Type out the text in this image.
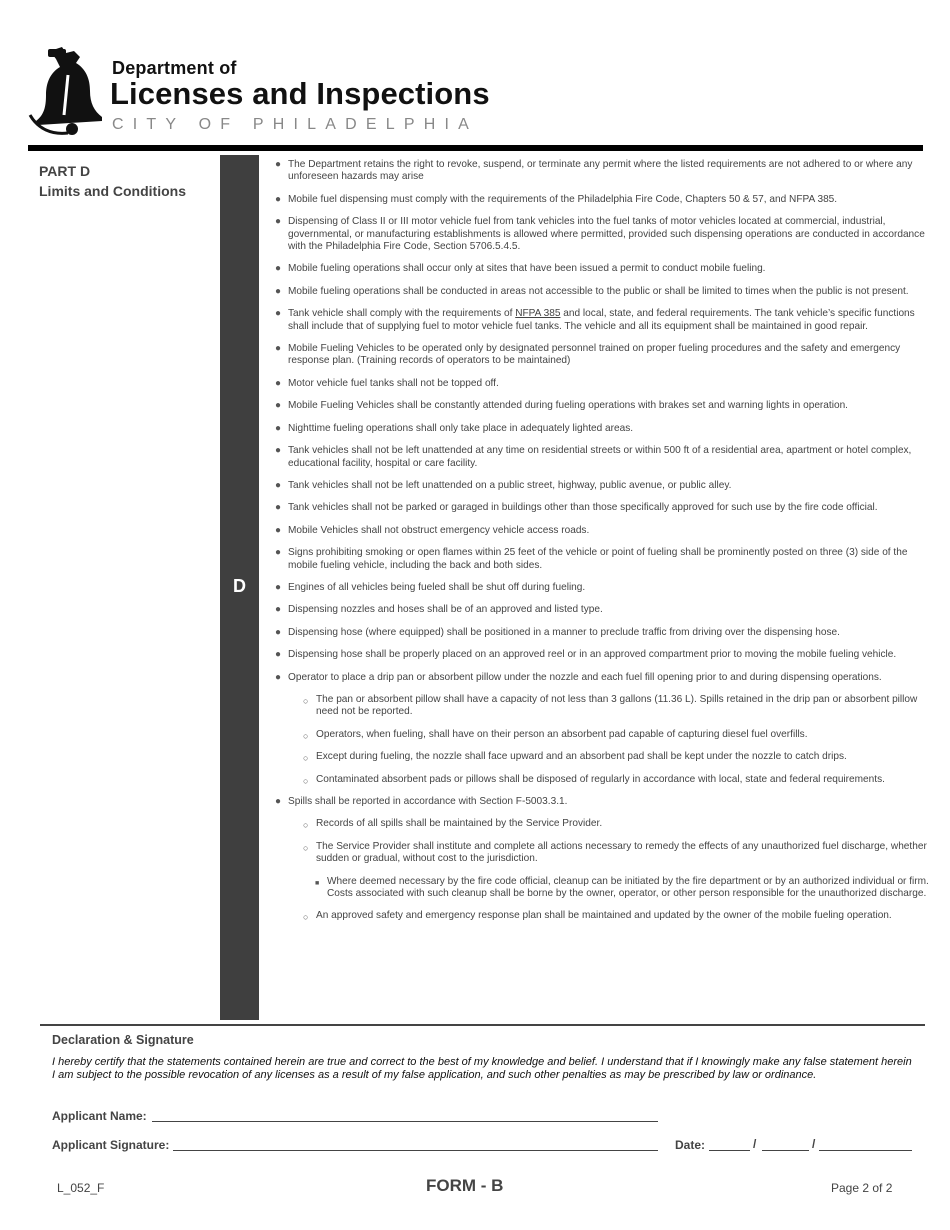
Department of
Licenses and Inspections
CITY OF PHILADELPHIA
PART D
Limits and Conditions
D
● The Department retains the right to revoke, suspend, or terminate any permit where the listed requirements are not adhered to or where any unforeseen hazards may arise
● Mobile fuel dispensing must comply with the requirements of the Philadelphia Fire Code, Chapters 50 & 57, and NFPA 385.
● Dispensing of Class II or III motor vehicle fuel from tank vehicles into the fuel tanks of motor vehicles located at commercial, industrial, governmental, or manufacturing establishments is allowed where permitted, provided such dispensing operations are conducted in accordance with the Philadelphia Fire Code, Section 5706.5.4.5.
● Mobile fueling operations shall occur only at sites that have been issued a permit to conduct mobile fueling.
● Mobile fueling operations shall be conducted in areas not accessible to the public or shall be limited to times when the public is not present.
● Tank vehicle shall comply with the requirements of NFPA 385 and local, state, and federal requirements. The tank vehicle’s specific functions shall include that of supplying fuel to motor vehicle fuel tanks. The vehicle and all its equipment shall be maintained in good repair.
● Mobile Fueling Vehicles to be operated only by designated personnel trained on proper fueling procedures and the safety and emergency response plan. (Training records of operators to be maintained)
● Motor vehicle fuel tanks shall not be topped off.
● Mobile Fueling Vehicles shall be constantly attended during fueling operations with brakes set and warning lights in operation.
● Nighttime fueling operations shall only take place in adequately lighted areas.
● Tank vehicles shall not be left unattended at any time on residential streets or within 500 ft of a residential area, apartment or hotel complex, educational facility, hospital or care facility.
● Tank vehicles shall not be left unattended on a public street, highway, public avenue, or public alley.
● Tank vehicles shall not be parked or garaged in buildings other than those specifically approved for such use by the fire code official.
● Mobile Vehicles shall not obstruct emergency vehicle access roads.
● Signs prohibiting smoking or open flames within 25 feet of the vehicle or point of fueling shall be prominently posted on three (3) side of the mobile fueling vehicle, including the back and both sides.
● Engines of all vehicles being fueled shall be shut off during fueling.
● Dispensing nozzles and hoses shall be of an approved and listed type.
● Dispensing hose (where equipped) shall be positioned in a manner to preclude traffic from driving over the dispensing hose.
● Dispensing hose shall be properly placed on an approved reel or in an approved compartment prior to moving the mobile fueling vehicle.
● Operator to place a drip pan or absorbent pillow under the nozzle and each fuel fill opening prior to and during dispensing operations.
○ The pan or absorbent pillow shall have a capacity of not less than 3 gallons (11.36 L). Spills retained in the drip pan or absorbent pillow need not be reported.
○ Operators, when fueling, shall have on their person an absorbent pad capable of capturing diesel fuel overfills.
○ Except during fueling, the nozzle shall face upward and an absorbent pad shall be kept under the nozzle to catch drips.
○ Contaminated absorbent pads or pillows shall be disposed of regularly in accordance with local, state and federal requirements.
● Spills shall be reported in accordance with Section F-5003.3.1.
○ Records of all spills shall be maintained by the Service Provider.
○ The Service Provider shall institute and complete all actions necessary to remedy the effects of any unauthorized fuel discharge, whether sudden or gradual, without cost to the jurisdiction.
■ Where deemed necessary by the fire code official, cleanup can be initiated by the fire department or by an authorized individual or firm. Costs associated with such cleanup shall be borne by the owner, operator, or other person responsible for the unauthorized discharge.
○ An approved safety and emergency response plan shall be maintained and updated by the owner of the mobile fueling operation.
Declaration & Signature
I hereby certify that the statements contained herein are true and correct to the best of my knowledge and belief. I understand that if I knowingly make any false statement herein I am subject to the possible revocation of any licenses as a result of my false application, and such other penalties as may be prescribed by law or ordinance.
Applicant Name:
Applicant Signature:	Date:	/	/
L_052_F	FORM - B	Page 2 of 2
